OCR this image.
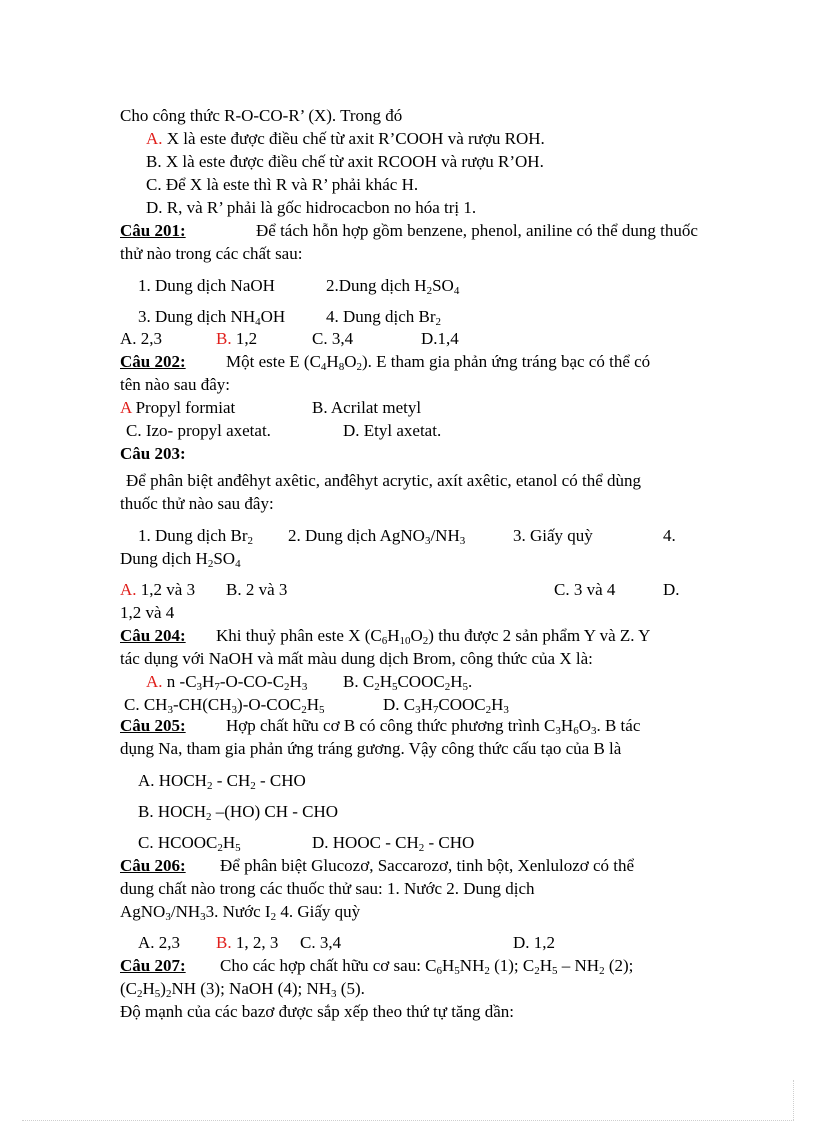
Cho công thức R-O-CO-R’ (X). Trong đó
A. X là este được điều chế từ axit R’COOH và rượu ROH.
B. X là este được điều chế từ axit RCOOH và rượu R’OH.
C. Để X là este thì R và R’ phải khác H.
D. R, và R’ phải là gốc hidrocacbon no hóa trị 1.
Câu 201:	Để tách hỗn hợp gồm benzene, phenol, aniline có thể dung thuốc
thử nào trong các chất sau:
1. Dung dịch NaOH	2.Dung dịch $H_2SO_4$
3. Dung dịch $NH_4OH$ 4. Dung dịch $Br_2$
A. 2,3	B. 1,2	C. 3,4	D.1,4
Câu 202: Một este E $(C_4H_8O_2)$. E tham gia phản ứng tráng bạc có thể có
tên nào sau đây:
A Propyl formiat	B. Acrilat metyl
C. Izo- propyl axetat.	D. Etyl axetat.
Câu 203:
Để phân biệt anđêhyt axêtic, anđêhyt acrytic, axít axêtic, etanol có thể dùng
thuốc thử nào sau đây:
1. Dung dịch $Br_2$ 2. Dung dịch $AgNO_3/NH_3$	3. Giấy quỳ	4.
Dung dịch $H_2SO_4$
A. 1,2 và 3 B. 2 và 3	C. 3 và 4	D.
1,2 và 4
Câu 204: Khi thuỷ phân este X $(C_6H_{10}O_2)$ thu được 2 sản phẩm Y và Z. Y
tác dụng với NaOH và mất màu dung dịch Brom, công thức của X là:
A. n $-C_3H_7-O-CO-C_2H_3$ B. $C_2H_5COOC_2H_5$.
C. $CH_3-CH(CH_3)-O-COC_2H_5$	D. $C_3H_7COOC_2H_3$
Câu 205: Hợp chất hữu cơ B có công thức phương trình $C_3H_6O_3$. B tác
dụng Na, tham gia phản ứng tráng gương. Vậy công thức cấu tạo của B là
A. $HOCH_2 - CH_2$ - CHO
B. $HOCH_2$ –(HO) CH - CHO
C. $HCOOC_2H_5$	D. HOOC - $CH_2$ - CHO
Câu 206: Để phân biệt Glucozơ, Saccarozơ, tinh bột, Xenlulozơ có thể
dung chất nào trong các thuốc thử sau: 1. Nước 2. Dung dịch
$AgNO_3/NH_33$. Nước $I_2$ 4. Giấy quỳ
A. 2,3 B. 1, 2, 3 C. 3,4	D. 1,2
Câu 207: Cho các hợp chất hữu cơ sau: $C_6H_5NH_2$ (1); $C_2H_5 - NH_2$ (2);
$(C_2H_5)_2NH$ (3); NaOH (4); $NH_3$ (5).
Độ mạnh của các bazơ được sắp xếp theo thứ tự tăng dần:
